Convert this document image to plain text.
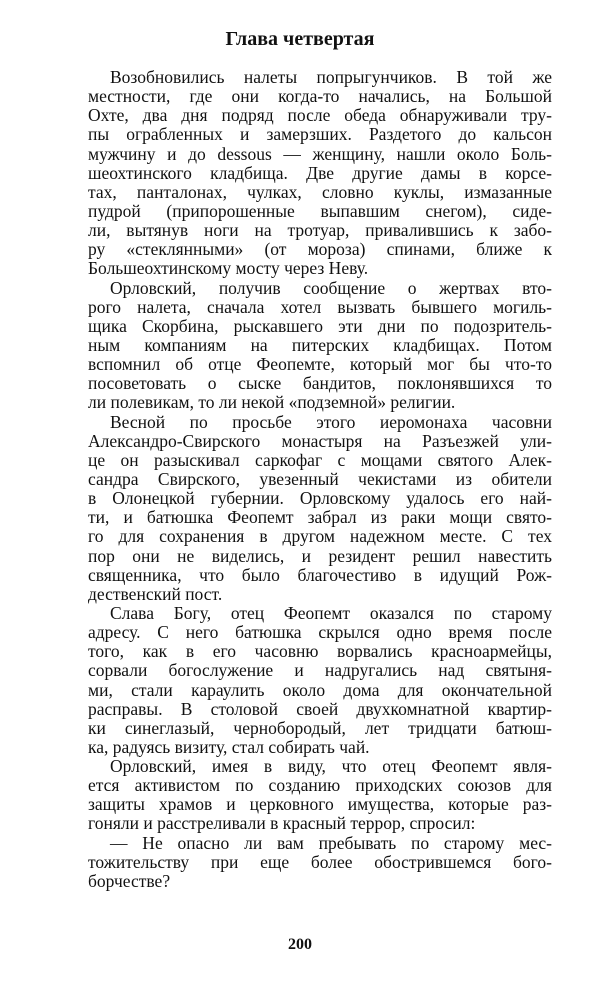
Глава четвертая
Возобновились налеты попрыгунчиков. В той же
местности, где они когда-то начались, на Большой
Охте, два дня подряд после обеда обнаруживали тру-
пы ограбленных и замерзших. Раздетого до кальсон
мужчину и до dessous — женщину, нашли около Боль-
шеохтинского кладбища. Две другие дамы в корсе-
тах, панталонах, чулках, словно куклы, измазанные
пудрой (припорошенные выпавшим снегом), сиде-
ли, вытянув ноги на тротуар, привалившись к забо-
ру «стеклянными» (от мороза) спинами, ближе к
Большеохтинскому мосту через Неву.
Орловский, получив сообщение о жертвах вто-
рого налета, сначала хотел вызвать бывшего могиль-
щика Скорбина, рыскавшего эти дни по подозритель-
ным компаниям на питерских кладбищах. Потом
вспомнил об отце Феопемте, который мог бы что-то
посоветовать о сыске бандитов, поклонявшихся то
ли полевикам, то ли некой «подземной» религии.
Весной по просьбе этого иеромонаха часовни
Александро-Свирского монастыря на Разъезжей ули-
це он разыскивал саркофаг с мощами святого Алек-
сандра Свирского, увезенный чекистами из обители
в Олонецкой губернии. Орловскому удалось его най-
ти, и батюшка Феопемт забрал из раки мощи свято-
го для сохранения в другом надежном месте. С тех
пор они не виделись, и резидент решил навестить
священника, что было благочестиво в идущий Рож-
дественский пост.
Слава Богу, отец Феопемт оказался по старому
адресу. С него батюшка скрылся одно время после
того, как в его часовню ворвались красноармейцы,
сорвали богослужение и надругались над святыня-
ми, стали караулить около дома для окончательной
расправы. В столовой своей двухкомнатной квартир-
ки синеглазый, чернобородый, лет тридцати батюш-
ка, радуясь визиту, стал собирать чай.
Орловский, имея в виду, что отец Феопемт явля-
ется активистом по созданию приходских союзов для
защиты храмов и церковного имущества, которые раз-
гоняли и расстреливали в красный террор, спросил:
— Не опасно ли вам пребывать по старому мес-
тожительству при еще более обострившемся бого-
борчестве?
200
